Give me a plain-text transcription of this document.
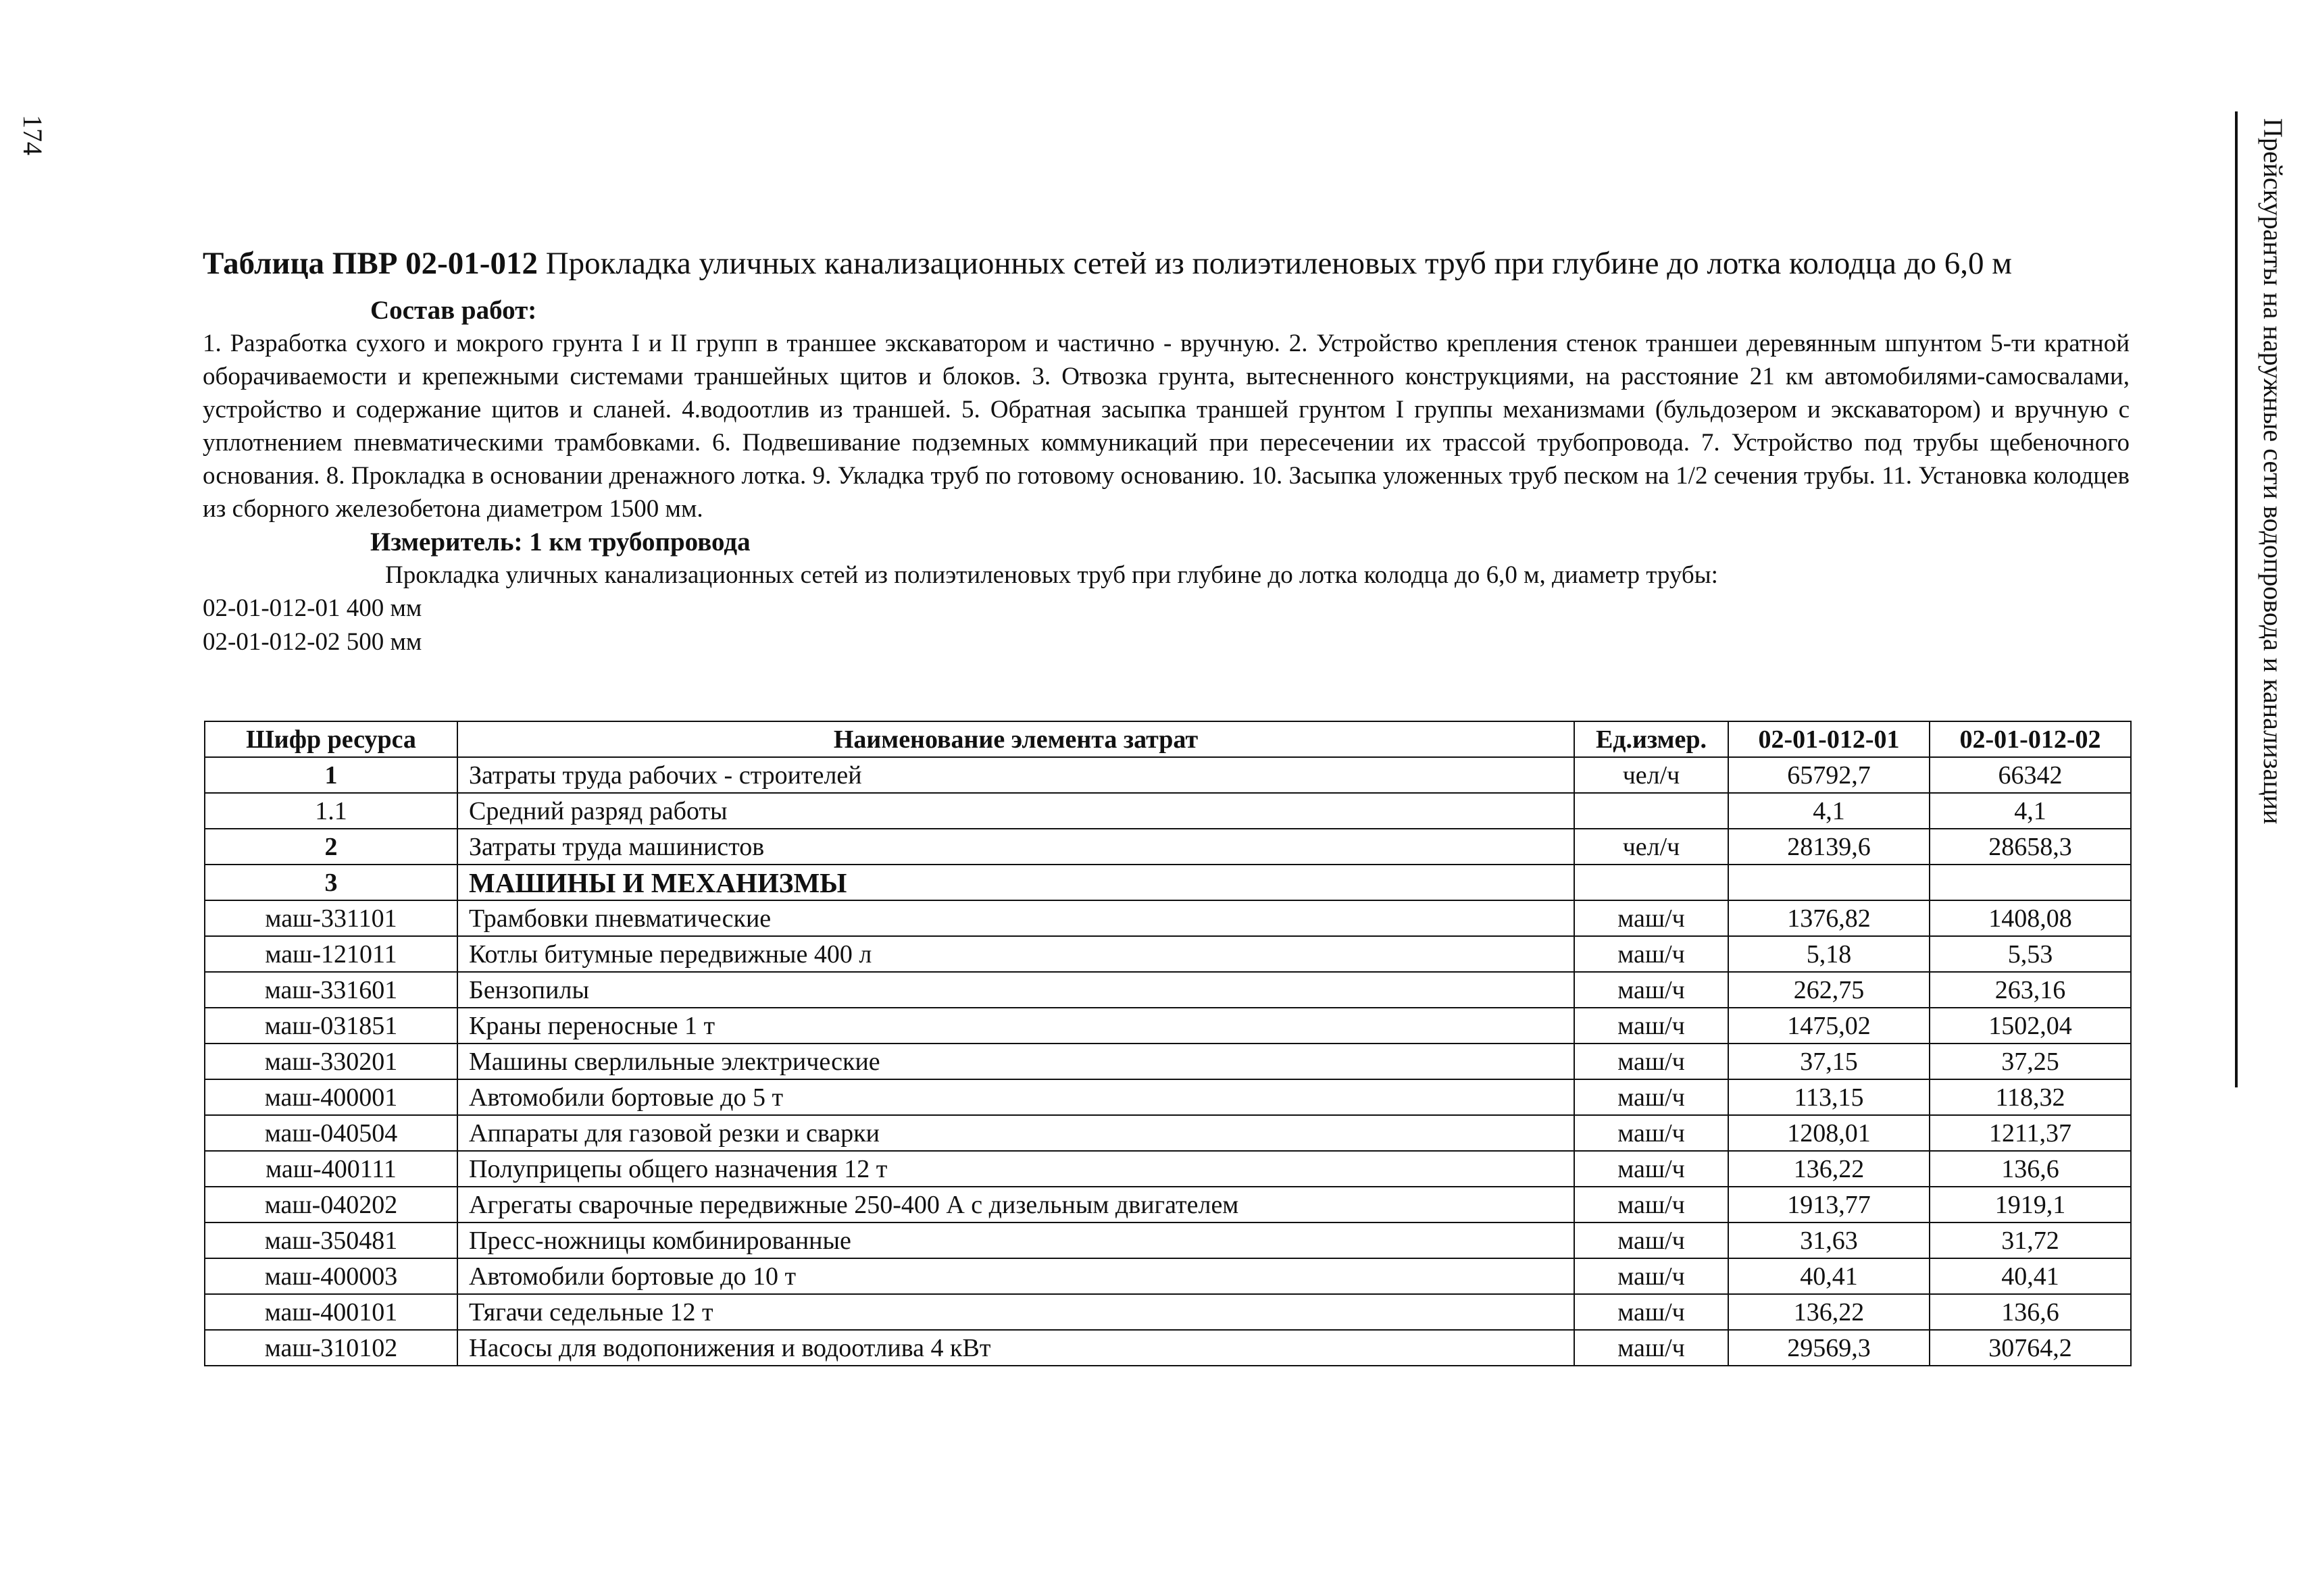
174	Прейскуранты на наружные сети водопровода и канализации
Таблица ПВР 02-01-012 Прокладка уличных канализационных сетей из полиэтиленовых труб при глубине до лотка колодца до 6,0 м
Состав работ:

1. Разработка сухого и мокрого грунта I и II групп в траншее экскаватором и частично - вручную. 2. Устройство крепления стенок траншеи деревянным шпунтом 5-ти кратной оборачиваемости и крепежными системами траншейных щитов и блоков. 3. Отвозка грунта, вытесненного конструкциями, на расстояние 21 км автомобилями-самосвалами, устройство и содержание щитов и сланей. 4.водоотлив из траншей. 5. Обратная засыпка траншей грунтом I группы механизмами (бульдозером и экскаватором) и вручную с уплотнением пневматическими трамбовками. 6. Подвешивание подземных коммуникаций при пересечении их трассой трубопровода. 7. Устройство под трубы щебеночного основания. 8. Прокладка в основании дренажного лотка. 9. Укладка труб по готовому основанию. 10. Засыпка уложенных труб песком на 1/2 сечения трубы. 11. Установка колодцев из сборного железобетона диаметром 1500 мм.

Измеритель: 1 км трубопровода
Прокладка уличных канализационных сетей из полиэтиленовых труб при глубине до лотка колодца до 6,0 м, диаметр трубы:
02-01-012-01 400 мм
02-01-012-02 500 мм
Шифр ресурса	Наименование элемента затрат	Ед.измер.	02-01-012-01	02-01-012-02
1	Затраты труда рабочих - строителей	чел/ч	65792,7	66342
1.1	Средний разряд работы		4,1	4,1
2	Затраты труда машинистов	чел/ч	28139,6	28658,3
3	МАШИНЫ И МЕХАНИЗМЫ			
маш-331101	Трамбовки пневматические	маш/ч	1376,82	1408,08
маш-121011	Котлы битумные передвижные 400 л	маш/ч	5,18	5,53
маш-331601	Бензопилы	маш/ч	262,75	263,16
маш-031851	Краны переносные 1 т	маш/ч	1475,02	1502,04
маш-330201	Машины сверлильные электрические	маш/ч	37,15	37,25
маш-400001	Автомобили бортовые до 5 т	маш/ч	113,15	118,32
маш-040504	Аппараты для газовой резки и сварки	маш/ч	1208,01	1211,37
маш-400111	Полуприцепы общего назначения 12 т	маш/ч	136,22	136,6
маш-040202	Агрегаты сварочные передвижные 250-400 А с дизельным двигателем	маш/ч	1913,77	1919,1
маш-350481	Пресс-ножницы комбинированные	маш/ч	31,63	31,72
маш-400003	Автомобили бортовые до 10 т	маш/ч	40,41	40,41
маш-400101	Тягачи седельные 12 т	маш/ч	136,22	136,6
маш-310102	Насосы для водопонижения и водоотлива 4 кВт	маш/ч	29569,3	30764,2
